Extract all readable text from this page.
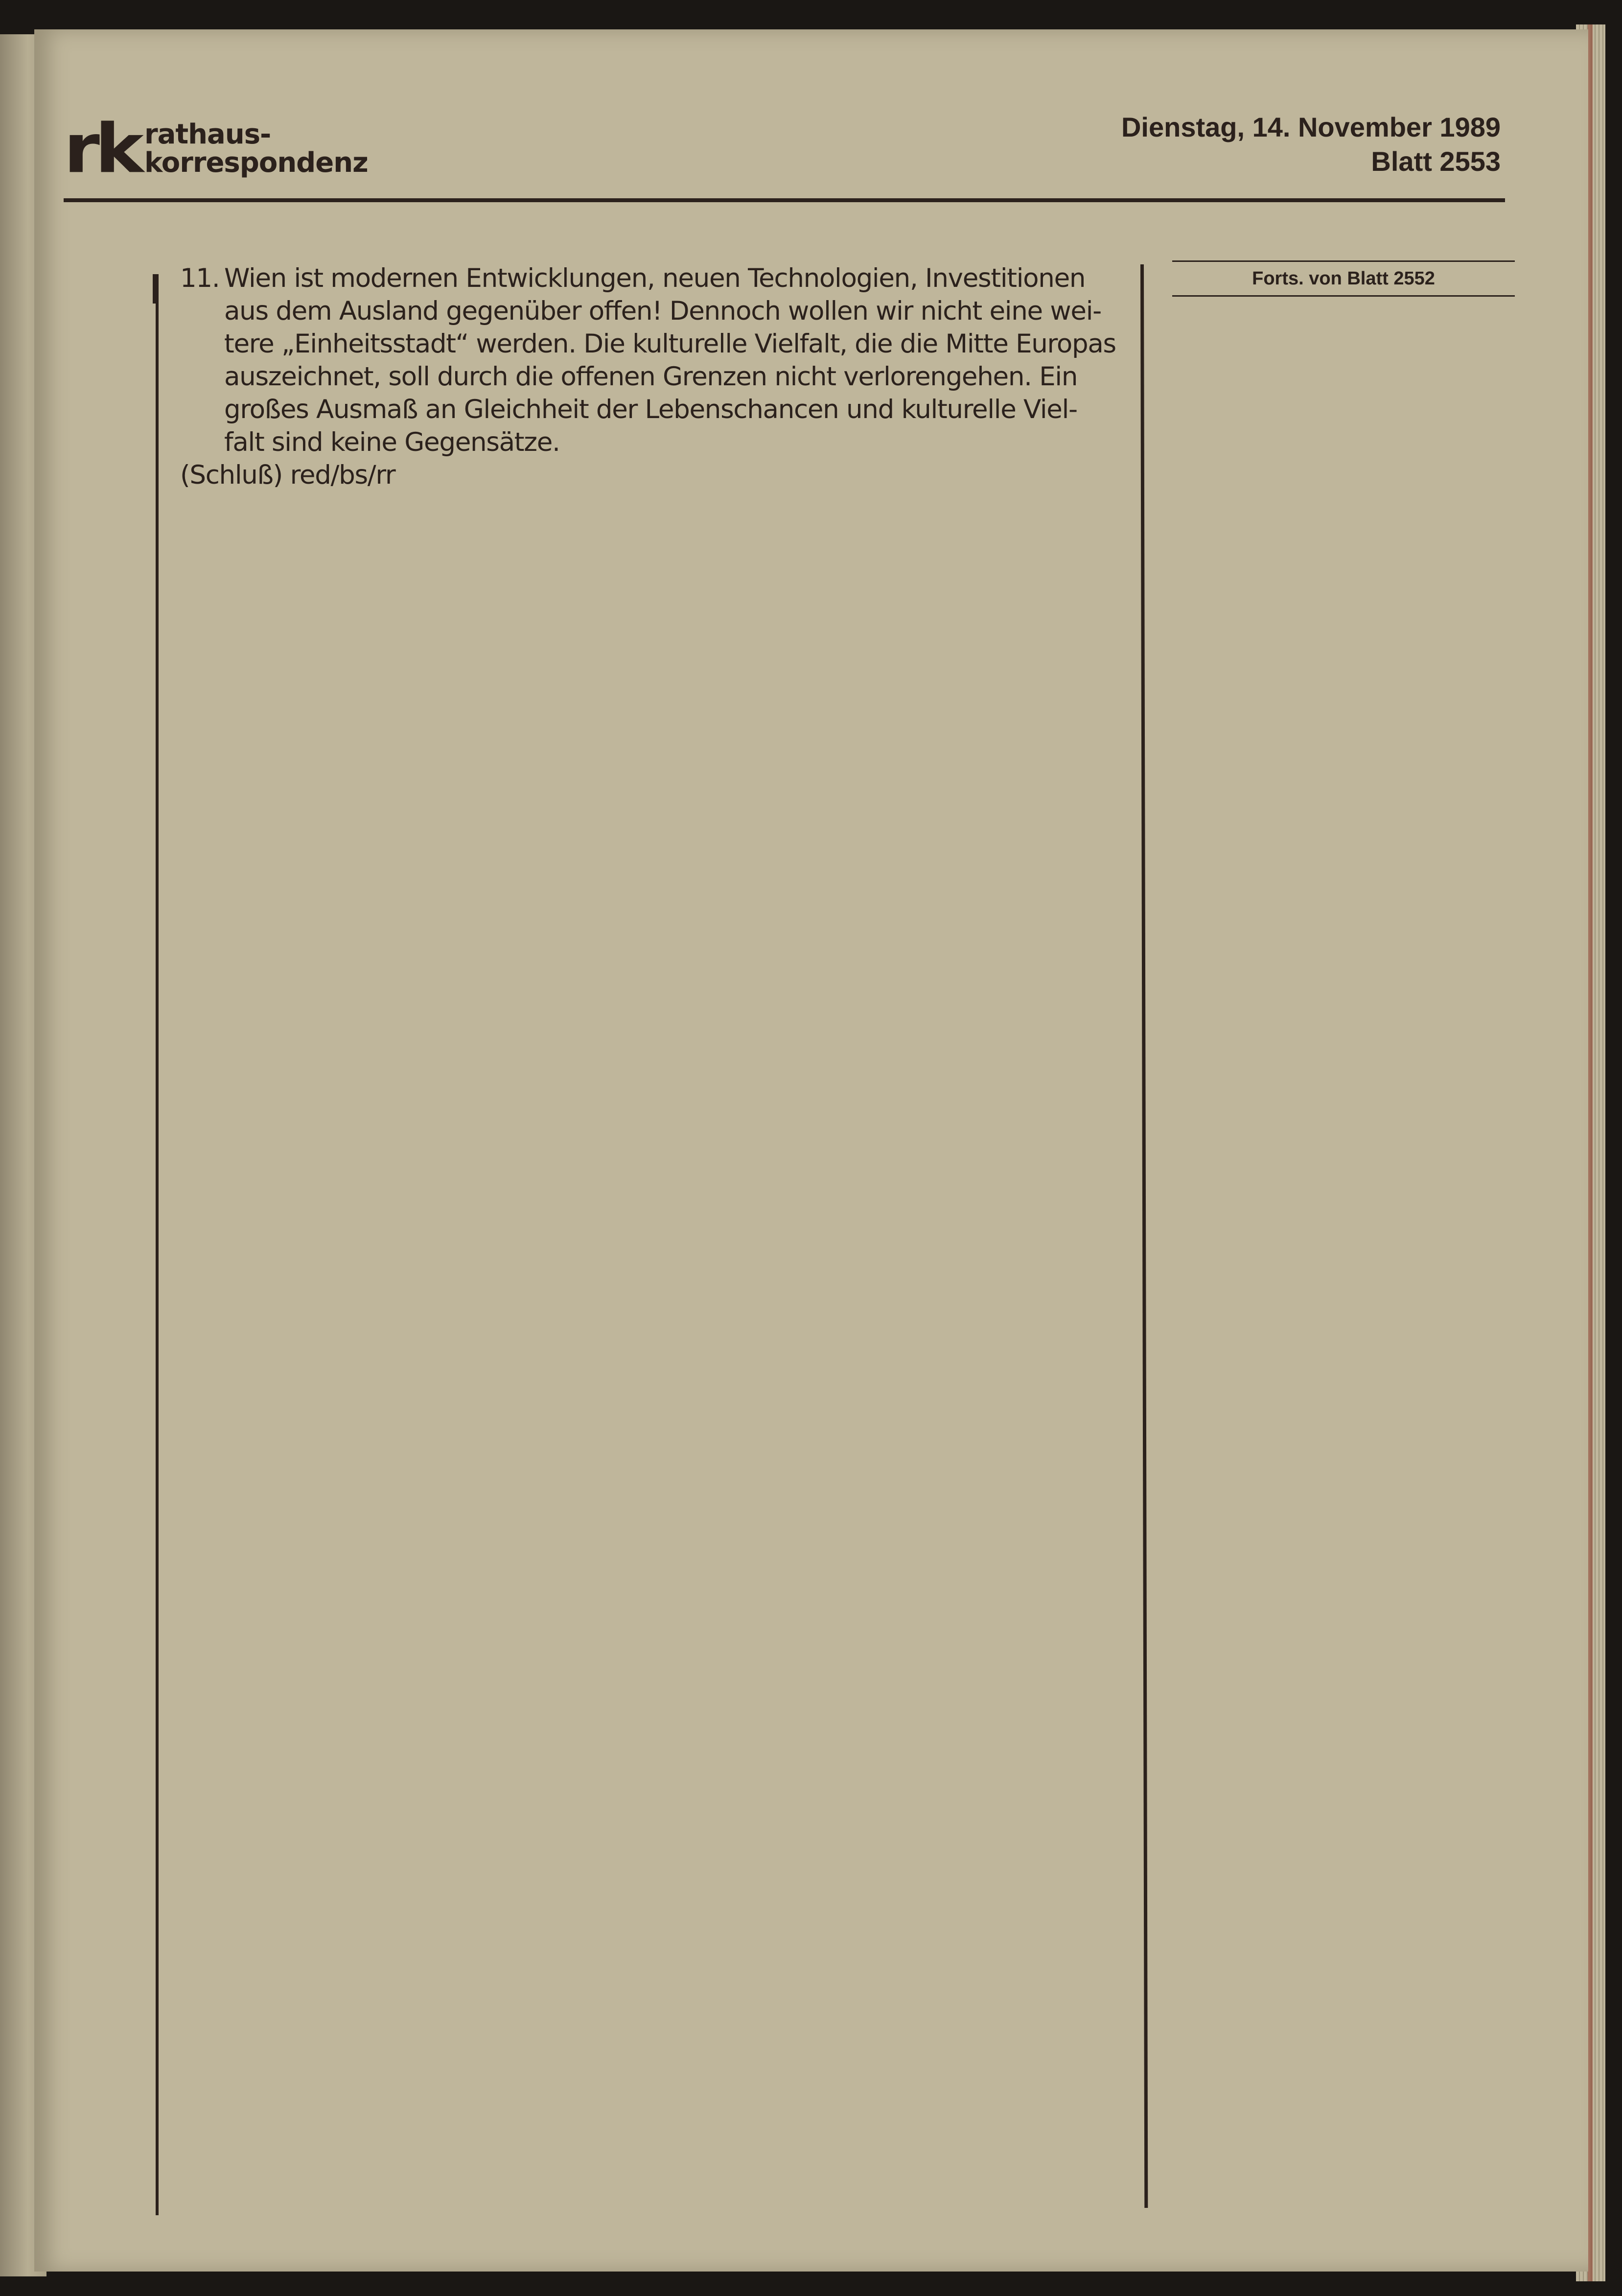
rk rathaus-
korrespondenz
Dienstag, 14. November 1989
Blatt 2553
Forts. von Blatt 2552
11. Wien ist modernen Entwicklungen, neuen Technologien, Investitionen
aus dem Ausland gegenüber offen! Dennoch wollen wir nicht eine wei-
tere „Einheitsstadt“ werden. Die kulturelle Vielfalt, die die Mitte Europas
auszeichnet, soll durch die offenen Grenzen nicht verlorengehen. Ein
großes Ausmaß an Gleichheit der Lebenschancen und kulturelle Viel-
falt sind keine Gegensätze.
(Schluß) red/bs/rr
